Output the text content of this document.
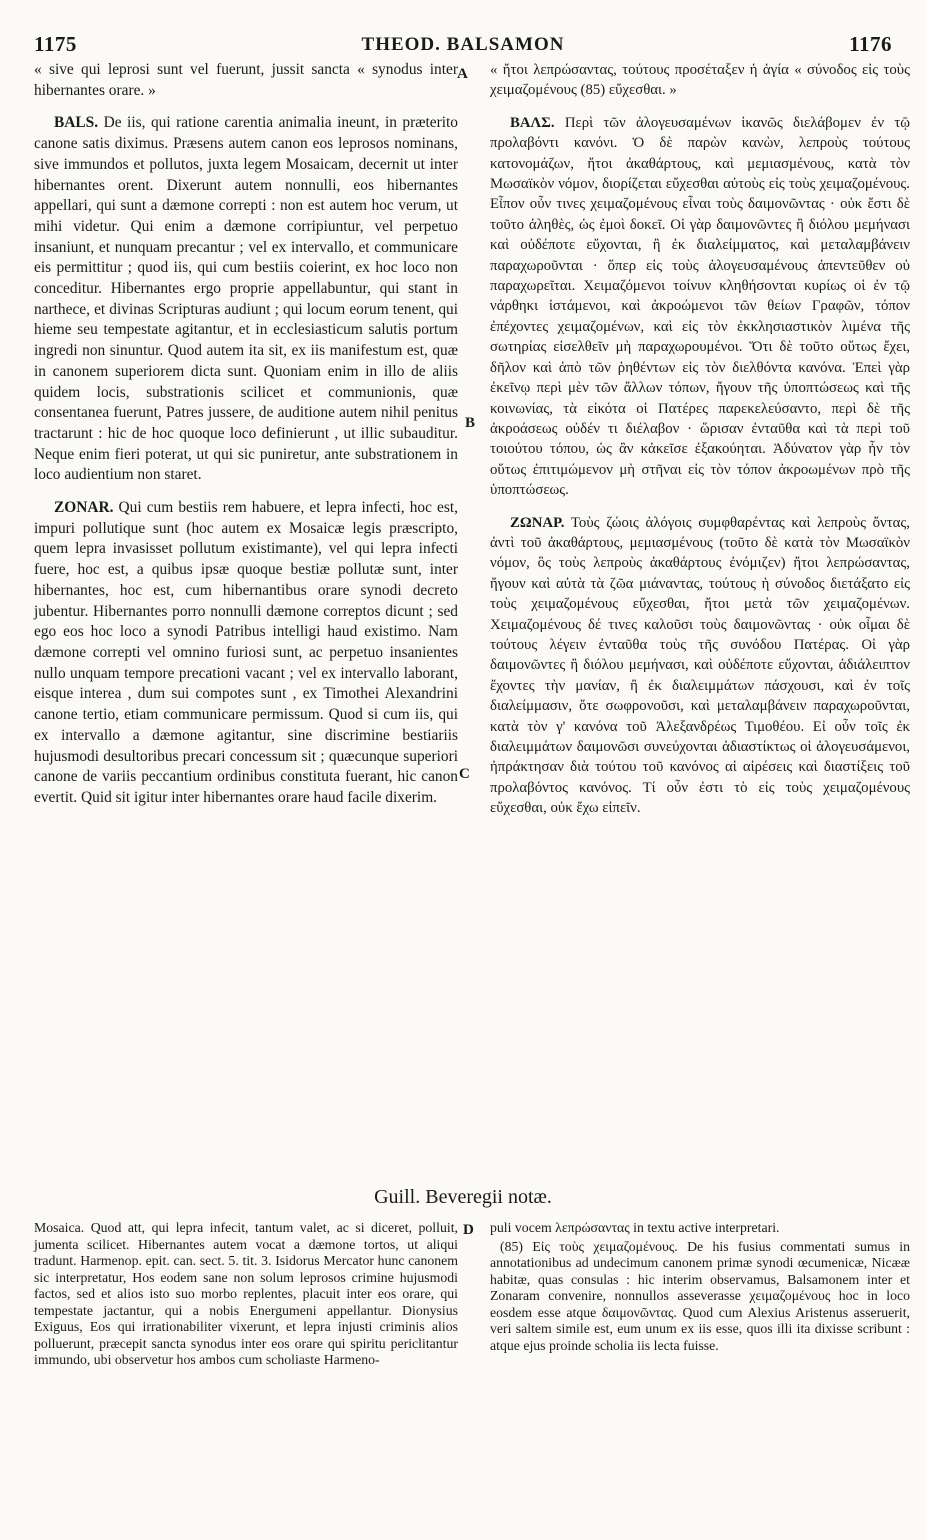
1175	THEOD. BALSAMON	1176

« sive qui leprosi sunt vel fuerunt, jussit sancta « synodus inter hibernantes orare. »

BALS. De iis, qui ratione carentia animalia ineunt, in præterito canone satis diximus. Præsens autem canon eos leprosos nominans, sive immundos et pollutos, juxta legem Mosaicam, decernit ut inter hibernantes orent. Dixerunt autem nonnulli, eos hibernantes appellari, qui sunt a dæmone correpti : non est autem hoc verum, ut mihi videtur. Qui enim a dæmone corripiuntur, vel perpetuo insaniunt, et nunquam precantur ; vel ex intervallo, et communicare eis permittitur ; quod iis, qui cum bestiis coierint, ex hoc loco non conceditur. Hibernantes ergo proprie appellabuntur, qui stant in narthece, et divinas Scripturas audiunt ; qui locum eorum tenent, qui hieme seu tempestate agitantur, et in ecclesiasticum salutis portum ingredi non sinuntur. Quod autem ita sit, ex iis manifestum est, quæ in canonem superiorem dicta sunt. Quoniam enim in illo de aliis quidem locis, substrationis scilicet et communionis, quæ consentanea fuerunt, Patres jussere, de auditione autem nihil penitus tractarunt : hic de hoc quoque loco definierunt , ut illic subauditur. Neque enim fieri poterat, ut qui sic puniretur, ante substrationem in loco audientium non staret.

ZONAR. Qui cum bestiis rem habuere, et lepra infecti, hoc est, impuri pollutique sunt (hoc autem ex Mosaicæ legis præscripto, quem lepra invasisset pollutum existimante), vel qui lepra infecti fuere, hoc est, a quibus ipsæ quoque bestiæ pollutæ sunt, inter hibernantes, hoc est, cum hibernantibus orare synodi decreto jubentur. Hibernantes porro nonnulli dæmone correptos dicunt ; sed ego eos hoc loco a synodi Patribus intelligi haud existimo. Nam dæmone correpti vel omnino furiosi sunt, ac perpetuo insanientes nullo unquam tempore precationi vacant ; vel ex intervallo laborant, eisque interea , dum sui compotes sunt , ex Timothei Alexandrini canone tertio, etiam communicare permissum. Quod si cum iis, qui ex intervallo a dæmone agitantur, sine discrimine bestiariis hujusmodi desultoribus precari concessum sit ; quæcunque superiori canone de variis peccantium ordinibus constituta fuerant, hic canon evertit. Quid sit igitur inter hibernantes orare haud facile dixerim.

A
B
C
D

« ἤτοι λεπρώσαντας, τούτους προσέταξεν ἡ ἁγία « σύνοδος εἰς τοὺς χειμαζομένους (85) εὔχεσθαι. »

ΒΑΛΣ. Περὶ τῶν ἀλογευσαμένων ἱκανῶς διελάβομεν ἐν τῷ προλαβόντι κανόνι. Ὁ δὲ παρὼν κανὼν, λεπροὺς τούτους κατονομάζων, ἤτοι ἀκαθάρτους, καὶ μεμιασμένους, κατὰ τὸν Μωσαϊκὸν νόμον, διορίζεται εὔχεσθαι αὐτοὺς εἰς τοὺς χειμαζομένους. Εἶπον οὖν τινες χειμαζομένους εἶναι τοὺς δαιμονῶντας · οὐκ ἔστι δὲ τοῦτο ἀληθὲς, ὡς ἐμοὶ δοκεῖ. Οἱ γὰρ δαιμονῶντες ἢ διόλου μεμήνασι καὶ οὐδέποτε εὔχονται, ἢ ἐκ διαλείμματος, καὶ μεταλαμβάνειν παραχωροῦνται · ὅπερ εἰς τοὺς ἀλογευσαμένους ἀπεντεῦθεν οὐ παραχωρεῖται. Χειμαζόμενοι τοίνυν κληθήσονται κυρίως οἱ ἐν τῷ νάρθηκι ἱστάμενοι, καὶ ἀκροώμενοι τῶν θείων Γραφῶν, τόπον ἐπέχοντες χειμαζομένων, καὶ εἰς τὸν ἐκκλησιαστικὸν λιμένα τῆς σωτηρίας εἰσελθεῖν μὴ παραχωρουμένοι. Ὅτι δὲ τοῦτο οὕτως ἔχει, δῆλον καὶ ἀπὸ τῶν ῥηθέντων εἰς τὸν διελθόντα κανόνα. Ἐπεὶ γὰρ ἐκεῖνῳ περὶ μὲν τῶν ἄλλων τόπων, ἤγουν τῆς ὑποπτώσεως καὶ τῆς κοινωνίας, τὰ εἰκότα οἱ Πατέρες παρεκελεύσαντο, περὶ δὲ τῆς ἀκροάσεως οὐδέν τι διέλαβον · ὥρισαν ἐνταῦθα καὶ τὰ περὶ τοῦ τοιούτου τόπου, ὡς ἂν κἀκεῖσε ἐξακούηται. Ἀδύνατον γὰρ ἦν τὸν οὕτως ἐπιτιμώμενον μὴ στῆναι εἰς τὸν τόπον ἀκροωμένων πρὸ τῆς ὑποπτώσεως.

ΖΩΝΑΡ. Τοὺς ζώοις ἀλόγοις συμφθαρέντας καὶ λεπροὺς ὄντας, ἀντὶ τοῦ ἀκαθάρτους, μεμιασμένους (τοῦτο δὲ κατὰ τὸν Μωσαϊκὸν νόμον, ὃς τοὺς λεπροὺς ἀκαθάρτους ἐνόμιζεν) ἤτοι λεπρώσαντας, ἤγουν καὶ αὐτὰ τὰ ζῶα μιάναντας, τούτους ἡ σύνοδος διετάξατο εἰς τοὺς χειμαζομένους εὔχεσθαι, ἤτοι μετὰ τῶν χειμαζομένων. Χειμαζομένους δέ τινες καλοῦσι τοὺς δαιμονῶντας · οὐκ οἶμαι δὲ τούτους λέγειν ἐνταῦθα τοὺς τῆς συνόδου Πατέρας. Οἱ γὰρ δαιμονῶντες ἢ διόλου μεμήνασι, καὶ οὐδέποτε εὔχονται, ἀδιάλειπτον ἔχοντες τὴν μανίαν, ἢ ἐκ διαλειμμάτων πάσχουσι, καὶ ἐν τοῖς διαλείμμασιν, ὅτε σωφρονοῦσι, καὶ μεταλαμβάνειν παραχωροῦνται, κατὰ τὸν γ' κανόνα τοῦ Ἀλεξανδρέως Τιμοθέου. Εἰ οὖν τοῖς ἐκ διαλειμμάτων δαιμονῶσι συνεύχονται ἀδιαστίκτως οἱ ἀλογευσάμενοι, ἠπράκτησαν διὰ τούτου τοῦ κανόνος αἱ αἱρέσεις καὶ διαστίξεις τοῦ προλαβόντος κανόνος. Τί οὖν ἐστι τὸ εἰς τοὺς χειμαζομένους εὔχεσθαι, οὐκ ἔχω εἰπεῖν.

Guill. Beveregii notæ.

Mosaica. Quod att, qui lepra infecit, tantum valet, ac si diceret, polluit, jumenta scilicet. Hibernantes autem vocat a dæmone tortos, ut aliqui tradunt. Harmenop. epit. can. sect. 5. tit. 3. Isidorus Mercator hunc canonem sic interpretatur, Hos eodem sane non solum leprosos crimine hujusmodi factos, sed et alios isto suo morbo replentes, placuit inter eos orare, qui tempestate jactantur, qui a nobis Energumeni appellantur. Dionysius Exiguus, Eos qui irrationabiliter vixerunt, et lepra injusti criminis alios polluerunt, præcepit sancta synodus inter eos orare qui spiritu periclitantur immundo, ubi observetur hos ambos cum scholiaste Harmeno-

puli vocem λεπρώσαντας in textu active interpretari.

(85) Εἰς τοὺς χειμαζομένους. De his fusius commentati sumus in annotationibus ad undecimum canonem primæ synodi œcumenicæ, Nicææ habitæ, quas consulas : hic interim observamus, Balsamonem inter et Zonaram convenire, nonnullos asseverasse χειμαζομένους hoc in loco eosdem esse atque δαιμονῶντας. Quod cum Alexius Aristenus asseruerit, veri saltem simile est, eum unum ex iis esse, quos illi ita dixisse scribunt : atque ejus proinde scholia iis lecta fuisse.
